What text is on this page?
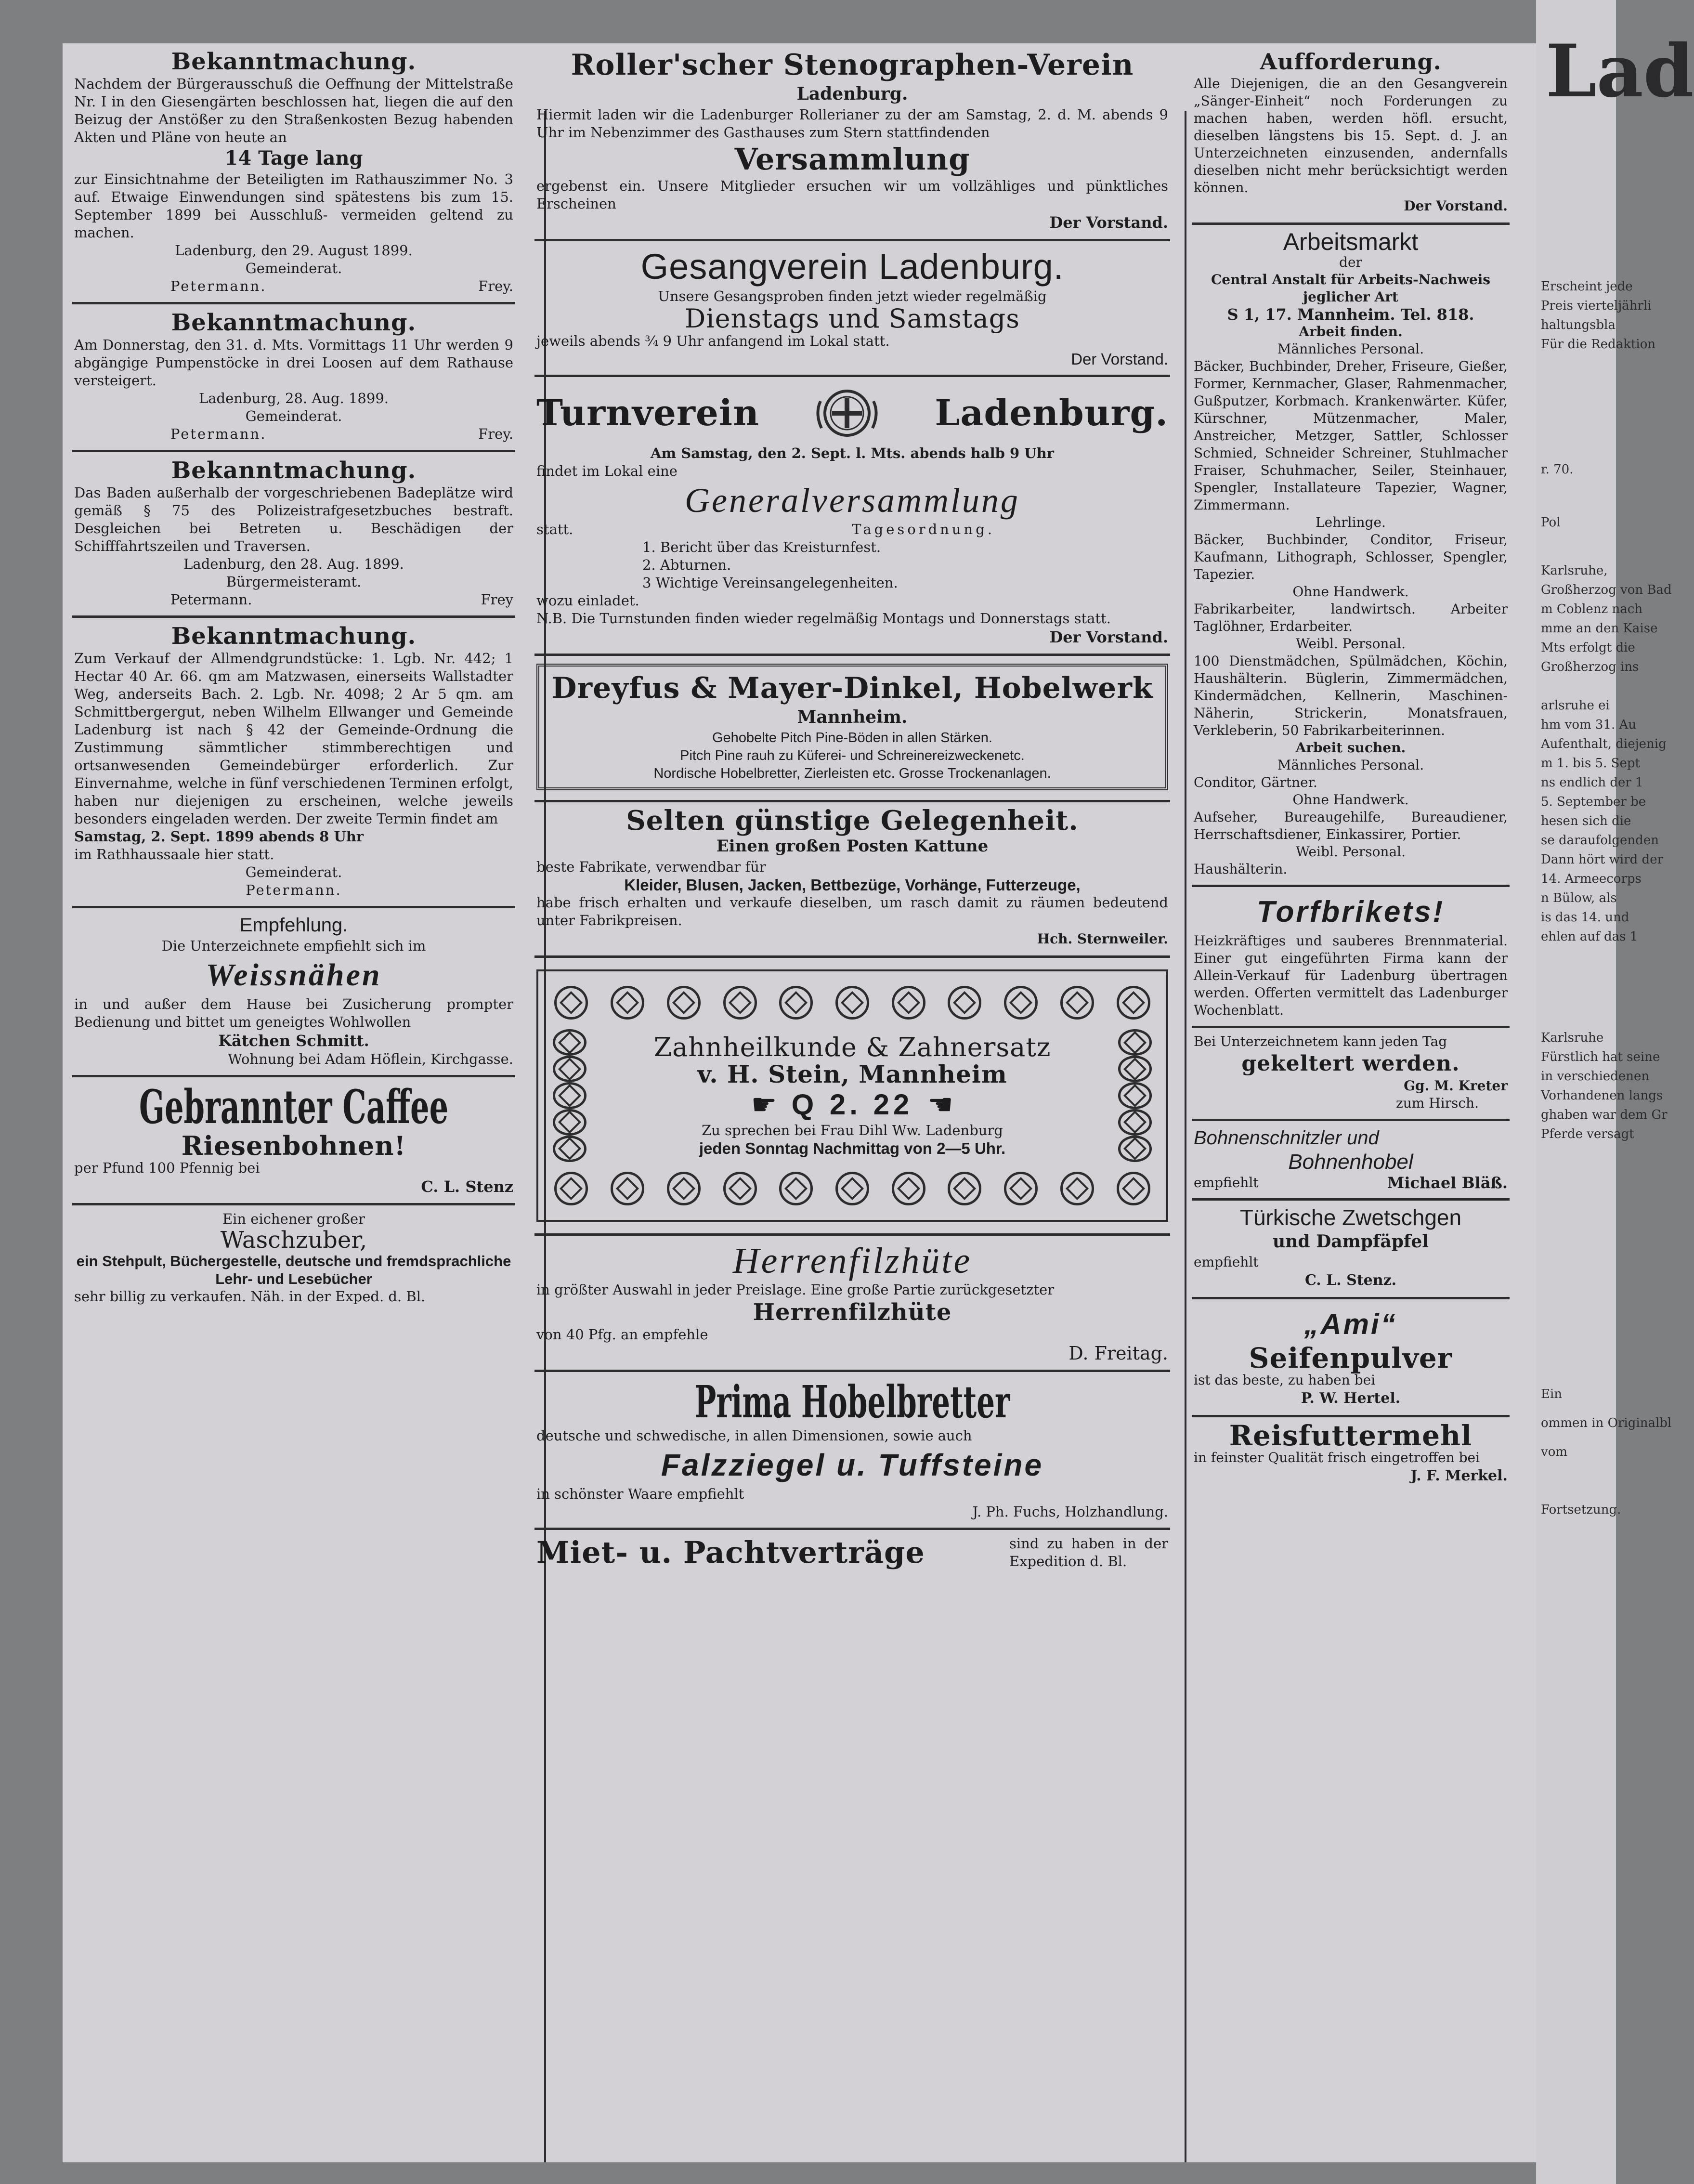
Bekanntmachung.

Nachdem der Bürgerausschuß die Oeffnung der Mittelstraße Nr. I in den Giesengärten beschlossen hat, liegen die auf den Beizug der Anstößer zu den Straßenkosten Bezug habenden Akten und Pläne von heute an

14 Tage lang

zur Einsichtnahme der Beteiligten im Rathauszimmer No. 3 auf. Etwaige Einwendungen sind spätestens bis zum 15. September 1899 bei Ausschluß- vermeiden geltend zu machen.

Ladenburg, den 29. August 1899.

Gemeinderat.

Petermann.	Frey.

Bekanntmachung.

Am Donnerstag, den 31. d. Mts. Vormittags 11 Uhr werden 9 abgängige Pumpenstöcke in drei Loosen auf dem Rathause versteigert.

Ladenburg, 28. Aug. 1899.

Gemeinderat.

Petermann.	Frey.

Bekanntmachung.

Das Baden außerhalb der vorgeschriebenen Badeplätze wird gemäß § 75 des Polizeistrafgesetzbuches bestraft. Desgleichen bei Betreten u. Beschädigen der Schifffahrtszeilen und Traversen.

Ladenburg, den 28. Aug. 1899.

Bürgermeisteramt.

Petermann.	Frey

Bekanntmachung.

Zum Verkauf der Allmendgrundstücke: 1. Lgb. Nr. 442; 1 Hectar 40 Ar. 66. qm am Matzwasen, einerseits Wallstadter Weg, anderseits Bach. 2. Lgb. Nr. 4098; 2 Ar 5 qm. am Schmittbergergut, neben Wilhelm Ellwanger und Gemeinde Ladenburg ist nach § 42 der Gemeinde-Ordnung die Zustimmung sämmtlicher stimmberechtigen und ortsanwesenden Gemeindebürger erforderlich. Zur Einvernahme, welche in fünf verschiedenen Terminen erfolgt, haben nur diejenigen zu erscheinen, welche jeweils besonders eingeladen werden. Der zweite Termin findet am

Samstag, 2. Sept. 1899 abends 8 Uhr

im Rathhaussaale hier statt.

Gemeinderat.

Petermann.

Empfehlung.

Die Unterzeichnete empfiehlt sich im

Weissnähen

in und außer dem Hause bei Zusicherung prompter Bedienung und bittet um geneigtes Wohlwollen

Kätchen Schmitt.

Wohnung bei Adam Höflein, Kirchgasse.

Gebrannter Caffee

Riesenbohnen!

per Pfund 100 Pfennig bei

C. L. Stenz

Ein eichener großer

Waschzuber,

ein Stehpult, Büchergestelle, deutsche und fremdsprachliche Lehr- und Lesebücher

sehr billig zu verkaufen. Näh. in der Exped. d. Bl.

Roller'scher Stenographen-Verein

Ladenburg.

Hiermit laden wir die Ladenburger Rollerianer zu der am Samstag, 2. d. M. abends 9 Uhr im Nebenzimmer des Gasthauses zum Stern stattfindenden

Versammlung

ergebenst ein. Unsere Mitglieder ersuchen wir um vollzähliges und pünktliches Erscheinen

Der Vorstand.

Gesangverein Ladenburg.

Unsere Gesangsproben finden jetzt wieder regelmäßig

Dienstags und Samstags

jeweils abends ¾ 9 Uhr anfangend im Lokal statt.

Der Vorstand.

Turnverein	Ladenburg.

Am Samstag, den 2. Sept. l. Mts. abends halb 9 Uhr

findet im Lokal eine

Generalversammlung

statt.	Tagesordnung.

1. Bericht über das Kreisturnfest.

2. Abturnen.

3 Wichtige Vereinsangelegenheiten.

wozu einladet.

N.B. Die Turnstunden finden wieder regelmäßig Montags und Donnerstags statt.

Der Vorstand.

Dreyfus & Mayer-Dinkel, Hobelwerk

Mannheim.

Gehobelte Pitch Pine-Böden in allen Stärken.

Pitch Pine rauh zu Küferei- und Schreinereizweckenetc.

Nordische Hobelbretter, Zierleisten etc. Grosse Trockenanlagen.

Selten günstige Gelegenheit.

Einen großen Posten Kattune

beste Fabrikate, verwendbar für

Kleider, Blusen, Jacken, Bettbezüge, Vorhänge, Futterzeuge,

habe frisch erhalten und verkaufe dieselben, um rasch damit zu räumen bedeutend unter Fabrikpreisen.

Hch. Sternweiler.

Zahnheilkunde & Zahnersatz

v. H. Stein, Mannheim

☛ Q 2. 22 ☛

Zu sprechen bei Frau Dihl Ww. Ladenburg

jeden Sonntag Nachmittag von 2—5 Uhr.

Herrenfilzhüte

in größter Auswahl in jeder Preislage. Eine große Partie zurückgesetzter

Herrenfilzhüte

von 40 Pfg. an empfehle

D. Freitag.

Prima Hobelbretter

deutsche und schwedische, in allen Dimensionen, sowie auch

Falzziegel u. Tuffsteine

in schönster Waare empfiehlt

J. Ph. Fuchs, Holzhandlung.

Miet- u. Pachtverträge	sind zu haben in der Expedition d. Bl.

Aufforderung.

Alle Diejenigen, die an den Gesangverein „Sänger-Einheit“ noch Forderungen zu machen haben, werden höfl. ersucht, dieselben längstens bis 15. Sept. d. J. an Unterzeichneten einzusenden, andernfalls dieselben nicht mehr berücksichtigt werden können.

Der Vorstand.

Arbeitsmarkt

der

Central Anstalt für Arbeits-Nachweis jeglicher Art

S 1, 17. Mannheim. Tel. 818.

Arbeit finden.

Männliches Personal.

Bäcker, Buchbinder, Dreher, Friseure, Gießer, Former, Kernmacher, Glaser, Rahmenmacher, Gußputzer, Korbmach. Krankenwärter. Küfer, Kürschner, Mützenmacher, Maler, Anstreicher, Metzger, Sattler, Schlosser Schmied, Schneider Schreiner, Stuhlmacher Fraiser, Schuhmacher, Seiler, Steinhauer, Spengler, Installateure Tapezier, Wagner, Zimmermann.

Lehrlinge.

Bäcker, Buchbinder, Conditor, Friseur, Kaufmann, Lithograph, Schlosser, Spengler, Tapezier.

Ohne Handwerk.

Fabrikarbeiter, landwirtsch. Arbeiter Taglöhner, Erdarbeiter.

Weibl. Personal.

100 Dienstmädchen, Spülmädchen, Köchin, Haushälterin. Büglerin, Zimmermädchen, Kindermädchen, Kellnerin, Maschinen-Näherin, Strickerin, Monatsfrauen, Verkleberin, 50 Fabrikarbeiterinnen.

Arbeit suchen.

Männliches Personal.

Conditor, Gärtner.

Ohne Handwerk.

Aufseher, Bureaugehilfe, Bureaudiener, Herrschaftsdiener, Einkassirer, Portier.

Weibl. Personal.

Haushälterin.

Torfbrikets!

Heizkräftiges und sauberes Brennmaterial. Einer gut eingeführten Firma kann der Allein-Verkauf für Ladenburg übertragen werden. Offerten vermittelt das Ladenburger Wochenblatt.

Bei Unterzeichnetem kann jeden Tag

gekeltert werden.

Gg. M. Kreter

zum Hirsch.

Bohnenschnitzler und

Bohnenhobel

empfiehlt	Michael Bläß.

Türkische Zwetschgen

und Dampfäpfel

empfiehlt

C. L. Stenz.

„Ami“

Seifenpulver

ist das beste, zu haben bei

P. W. Hertel.

Reisfuttermehl

in feinster Qualität frisch eingetroffen bei

J. F. Merkel.

Lad
Erscheint jede
Preis vierteljährli
haltungsbla
Für die Redaktion
r. 70.
Pol
Karlsruhe,
Großherzog von Bad
m Coblenz nach
mme an den Kaise
Mts erfolgt die
Großherzog ins
arlsruhe ei
hm vom 31. Au
Aufenthalt, diejenig
m 1. bis 5. Sept
ns endlich der 1
5. September be
hesen sich die
se daraufolgenden
Dann hört wird der
14. Armeecorps
n Bülow, als
is das 14. und
ehlen auf das 1
Karlsruhe
Fürstlich hat seine
in verschiedenen
Vorhandenen langs
ghaben war dem Gr
Pferde versagt
Ein
ommen in Originalbl
vom
Fortsetzung.
